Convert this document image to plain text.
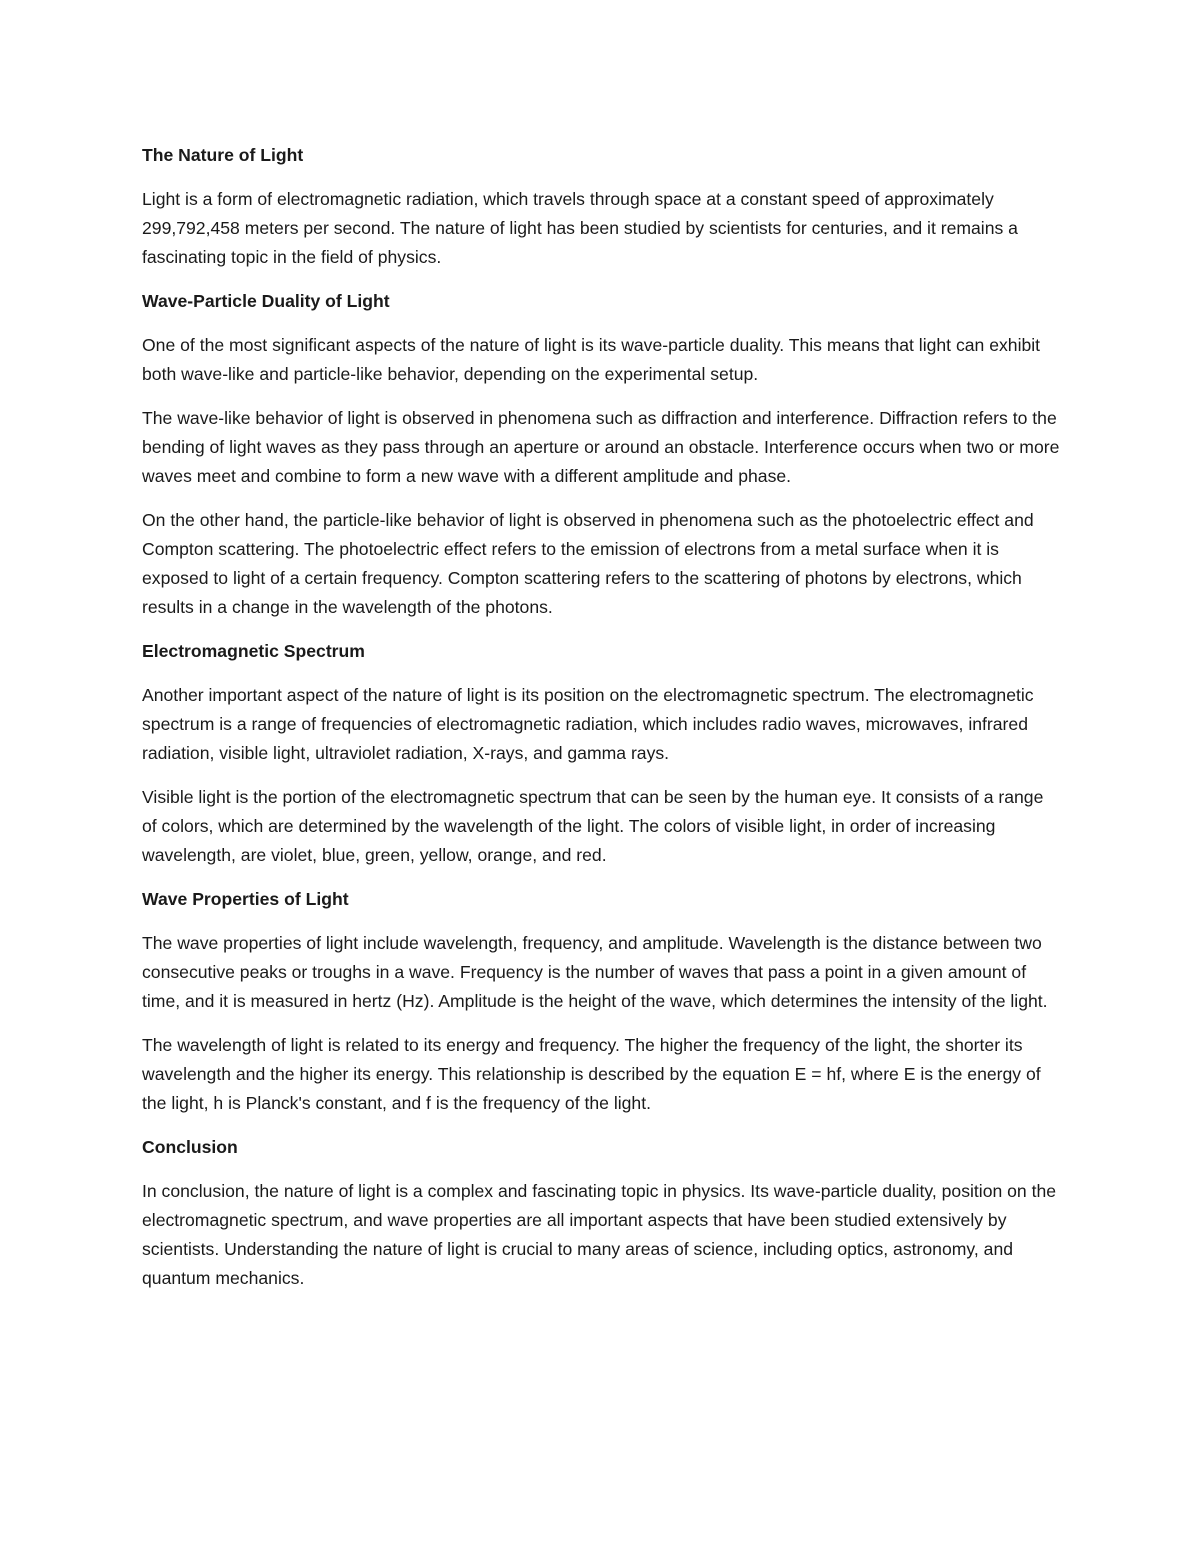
The Nature of Light

Light is a form of electromagnetic radiation, which travels through space at a constant speed of approximately 299,792,458 meters per second. The nature of light has been studied by scientists for centuries, and it remains a fascinating topic in the field of physics.

Wave-Particle Duality of Light

One of the most significant aspects of the nature of light is its wave-particle duality. This means that light can exhibit both wave-like and particle-like behavior, depending on the experimental setup.

The wave-like behavior of light is observed in phenomena such as diffraction and interference. Diffraction refers to the bending of light waves as they pass through an aperture or around an obstacle. Interference occurs when two or more waves meet and combine to form a new wave with a different amplitude and phase.

On the other hand, the particle-like behavior of light is observed in phenomena such as the photoelectric effect and Compton scattering. The photoelectric effect refers to the emission of electrons from a metal surface when it is exposed to light of a certain frequency. Compton scattering refers to the scattering of photons by electrons, which results in a change in the wavelength of the photons.

Electromagnetic Spectrum

Another important aspect of the nature of light is its position on the electromagnetic spectrum. The electromagnetic spectrum is a range of frequencies of electromagnetic radiation, which includes radio waves, microwaves, infrared radiation, visible light, ultraviolet radiation, X-rays, and gamma rays.

Visible light is the portion of the electromagnetic spectrum that can be seen by the human eye. It consists of a range of colors, which are determined by the wavelength of the light. The colors of visible light, in order of increasing wavelength, are violet, blue, green, yellow, orange, and red.

Wave Properties of Light

The wave properties of light include wavelength, frequency, and amplitude. Wavelength is the distance between two consecutive peaks or troughs in a wave. Frequency is the number of waves that pass a point in a given amount of time, and it is measured in hertz (Hz). Amplitude is the height of the wave, which determines the intensity of the light.

The wavelength of light is related to its energy and frequency. The higher the frequency of the light, the shorter its wavelength and the higher its energy. This relationship is described by the equation E = hf, where E is the energy of the light, h is Planck's constant, and f is the frequency of the light.

Conclusion

In conclusion, the nature of light is a complex and fascinating topic in physics. Its wave-particle duality, position on the electromagnetic spectrum, and wave properties are all important aspects that have been studied extensively by scientists. Understanding the nature of light is crucial to many areas of science, including optics, astronomy, and quantum mechanics.
